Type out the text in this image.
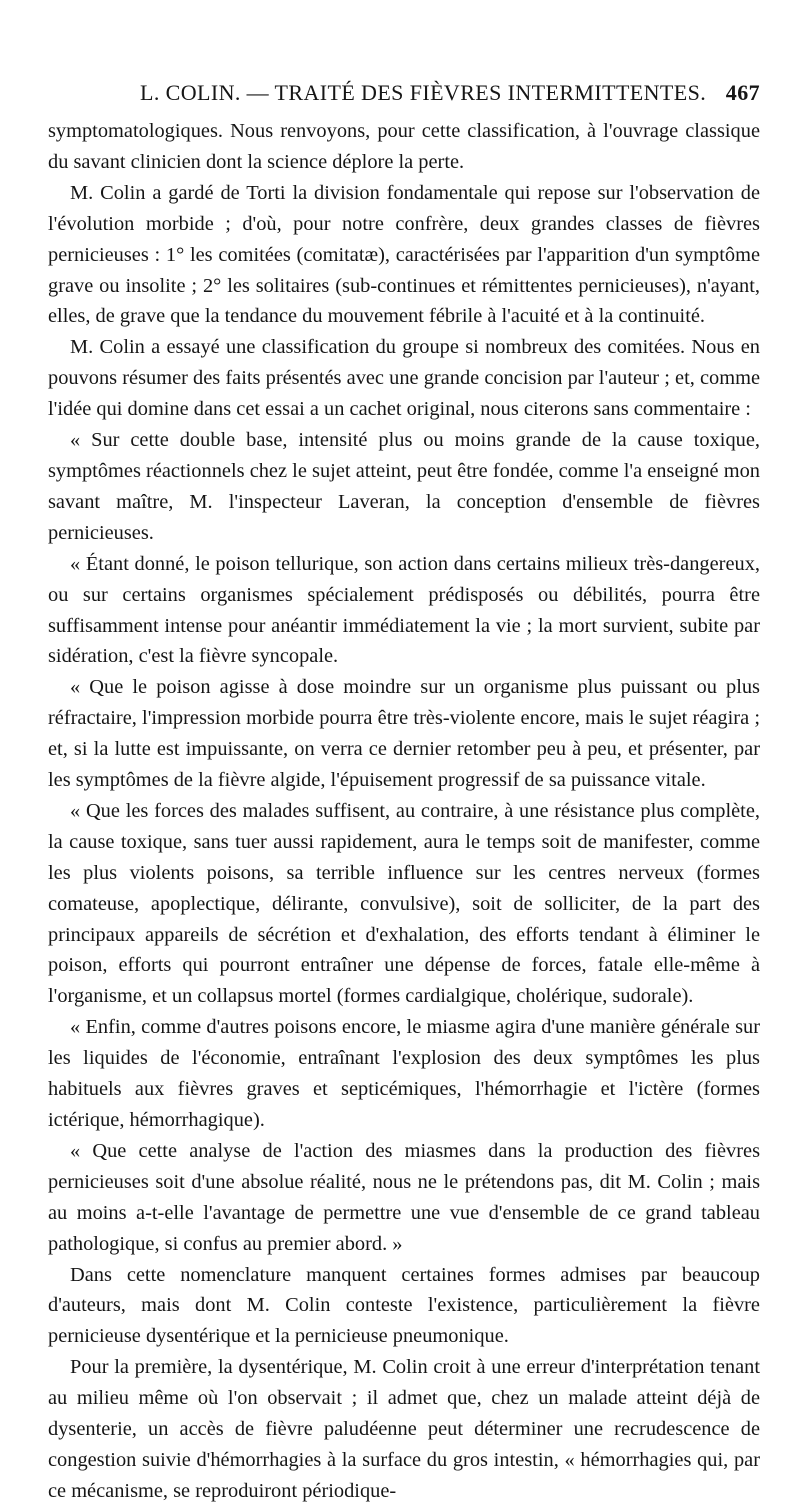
L. COLIN. — TRAITÉ DES FIÈVRES INTERMITTENTES. 467

symptomatologiques. Nous renvoyons, pour cette classification, à l'ouvrage classique du savant clinicien dont la science déplore la perte.

M. Colin a gardé de Torti la division fondamentale qui repose sur l'observation de l'évolution morbide ; d'où, pour notre confrère, deux grandes classes de fièvres pernicieuses : 1° les comitées (comitatæ), caractérisées par l'apparition d'un symptôme grave ou insolite ; 2° les solitaires (sub-continues et rémittentes pernicieuses), n'ayant, elles, de grave que la tendance du mouvement fébrile à l'acuité et à la continuité.

M. Colin a essayé une classification du groupe si nombreux des comitées. Nous en pouvons résumer des faits présentés avec une grande concision par l'auteur ; et, comme l'idée qui domine dans cet essai a un cachet original, nous citerons sans commentaire :

« Sur cette double base, intensité plus ou moins grande de la cause toxique, symptômes réactionnels chez le sujet atteint, peut être fondée, comme l'a enseigné mon savant maître, M. l'inspecteur Laveran, la conception d'ensemble de fièvres pernicieuses.

« Étant donné, le poison tellurique, son action dans certains milieux très-dangereux, ou sur certains organismes spécialement prédisposés ou débilités, pourra être suffisamment intense pour anéantir immédiatement la vie ; la mort survient, subite par sidération, c'est la fièvre syncopale.

« Que le poison agisse à dose moindre sur un organisme plus puissant ou plus réfractaire, l'impression morbide pourra être très-violente encore, mais le sujet réagira ; et, si la lutte est impuissante, on verra ce dernier retomber peu à peu, et présenter, par les symptômes de la fièvre algide, l'épuisement progressif de sa puissance vitale.

« Que les forces des malades suffisent, au contraire, à une résistance plus complète, la cause toxique, sans tuer aussi rapidement, aura le temps soit de manifester, comme les plus violents poisons, sa terrible influence sur les centres nerveux (formes comateuse, apoplectique, délirante, convulsive), soit de solliciter, de la part des principaux appareils de sécrétion et d'exhalation, des efforts tendant à éliminer le poison, efforts qui pourront entraîner une dépense de forces, fatale elle-même à l'organisme, et un collapsus mortel (formes cardialgique, cholérique, sudorale).

« Enfin, comme d'autres poisons encore, le miasme agira d'une manière générale sur les liquides de l'économie, entraînant l'explosion des deux symptômes les plus habituels aux fièvres graves et septicémiques, l'hémorrhagie et l'ictère (formes ictérique, hémorrhagique).

« Que cette analyse de l'action des miasmes dans la production des fièvres pernicieuses soit d'une absolue réalité, nous ne le prétendons pas, dit M. Colin ; mais au moins a-t-elle l'avantage de permettre une vue d'ensemble de ce grand tableau pathologique, si confus au premier abord. »

Dans cette nomenclature manquent certaines formes admises par beaucoup d'auteurs, mais dont M. Colin conteste l'existence, particulièrement la fièvre pernicieuse dysentérique et la pernicieuse pneumonique.

Pour la première, la dysentérique, M. Colin croit à une erreur d'interprétation tenant au milieu même où l'on observait ; il admet que, chez un malade atteint déjà de dysenterie, un accès de fièvre paludéenne peut déterminer une recrudescence de congestion suivie d'hémorrhagies à la surface du gros intestin, « hémorrhagies qui, par ce mécanisme, se reproduiront périodique-
